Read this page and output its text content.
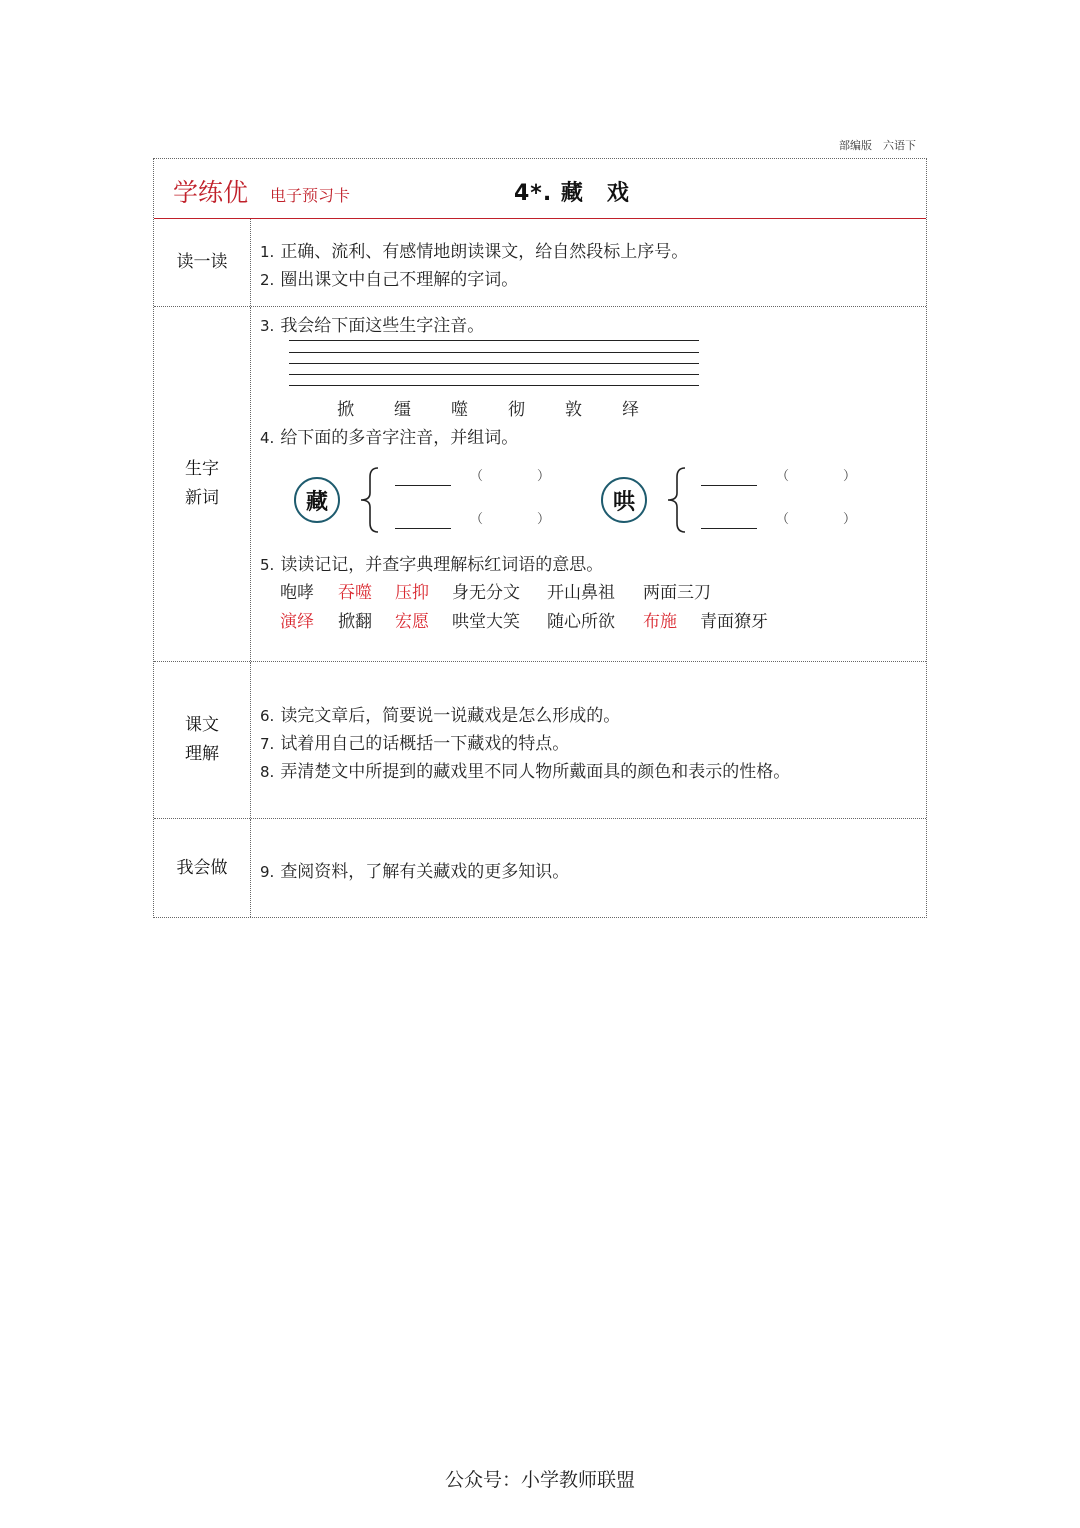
部编版　六语下
学练优 电子预习卡	4*. 藏　戏
读一读	1. 正确、流利、有感情地朗读课文，给自然段标上序号。
2. 圈出课文中自己不理解的字词。
生字
新词
3. 我会给下面这些生字注音。
掀 缰 噬 彻 敦 绎
4. 给下面的多音字注音，并组词。
藏
（	）
（	）
哄
（	）
（	）
5. 读读记记，并查字典理解标红词语的意思。
咆哮 吞噬 压抑 身无分文 开山鼻祖 两面三刀
演绎 掀翻 宏愿 哄堂大笑 随心所欲 布施 青面獠牙
课文
理解
6. 读完文章后，简要说一说藏戏是怎么形成的。
7. 试着用自己的话概括一下藏戏的特点。
8. 弄清楚文中所提到的藏戏里不同人物所戴面具的颜色和表示的性格。
我会做	9. 查阅资料，了解有关藏戏的更多知识。
公众号：小学教师联盟
